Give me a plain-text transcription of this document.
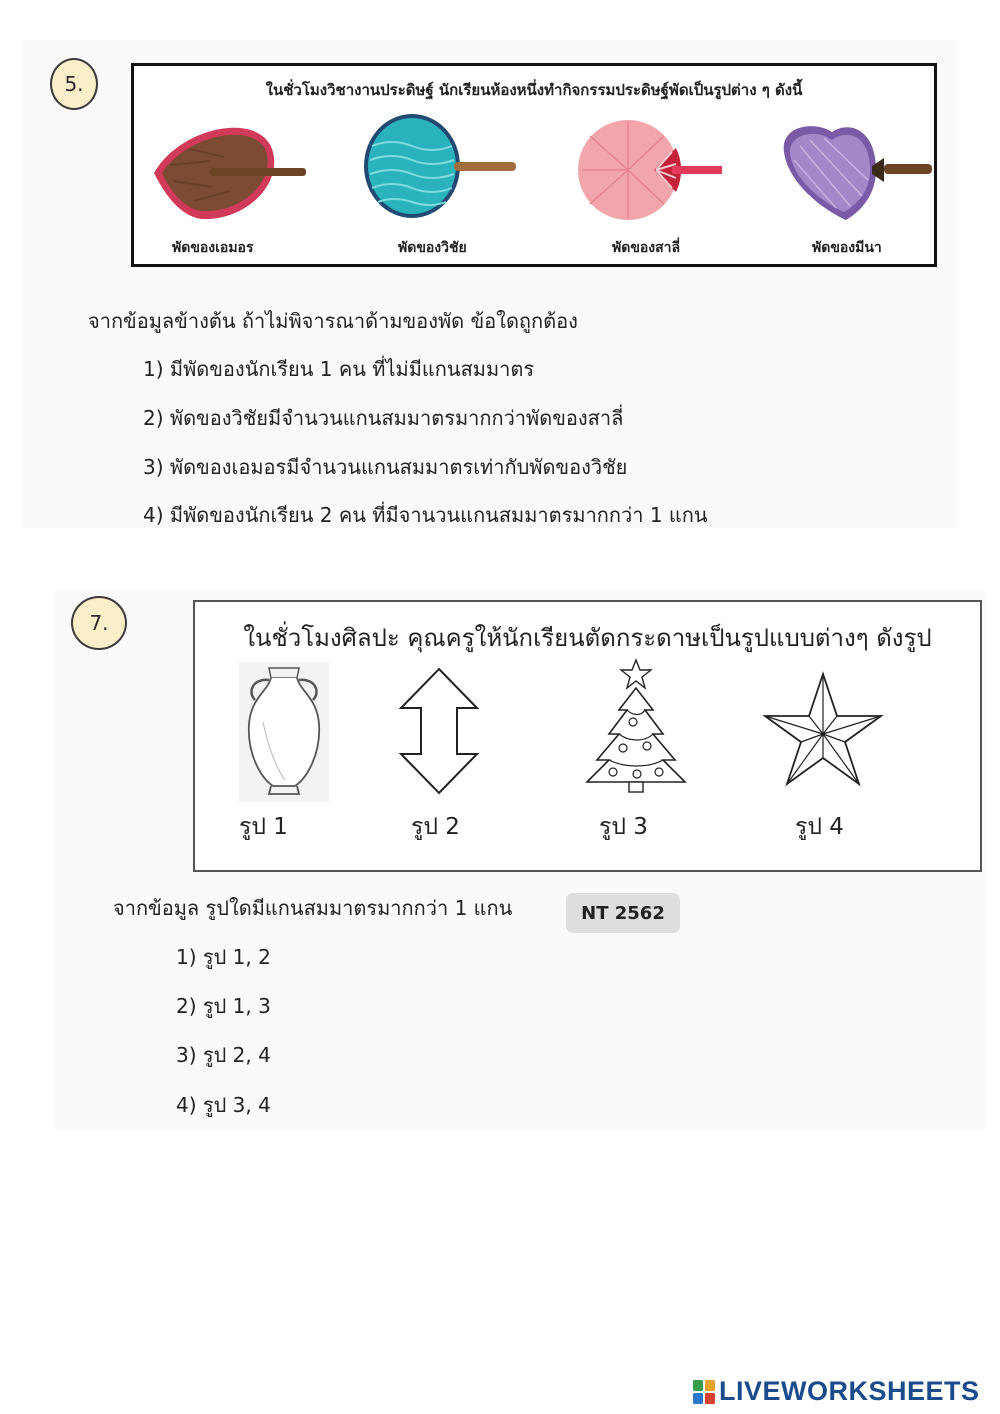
5.	ในชั่วโมงวิชางานประดิษฐ์ นักเรียนห้องหนึ่งทำกิจกรรมประดิษฐ์พัดเป็นรูปต่าง ๆ ดังนี้
พัดของเอมอร	พัดของวิชัย	พัดของสาลี่	พัดของมีนา
จากข้อมูลข้างต้น ถ้าไม่พิจารณาด้ามของพัด ข้อใดถูกต้อง
1) มีพัดของนักเรียน 1 คน ที่ไม่มีแกนสมมาตร
2) พัดของวิชัยมีจำนวนแกนสมมาตรมากกว่าพัดของสาลี่
3) พัดของเอมอรมีจำนวนแกนสมมาตรเท่ากับพัดของวิชัย
4) มีพัดของนักเรียน 2 คน ที่มีจานวนแกนสมมาตรมากกว่า 1 แกน
7.
ในชั่วโมงศิลปะ คุณครูให้นักเรียนตัดกระดาษเป็นรูปแบบต่างๆ ดังรูป
รูป 1	รูป 2	รูป 3	รูป 4
จากข้อมูล รูปใดมีแกนสมมาตรมากกว่า 1 แกน	NT 2562
1) รูป 1, 2
2) รูป 1, 3
3) รูป 2, 4
4) รูป 3, 4
LIVEWORKSHEETS
